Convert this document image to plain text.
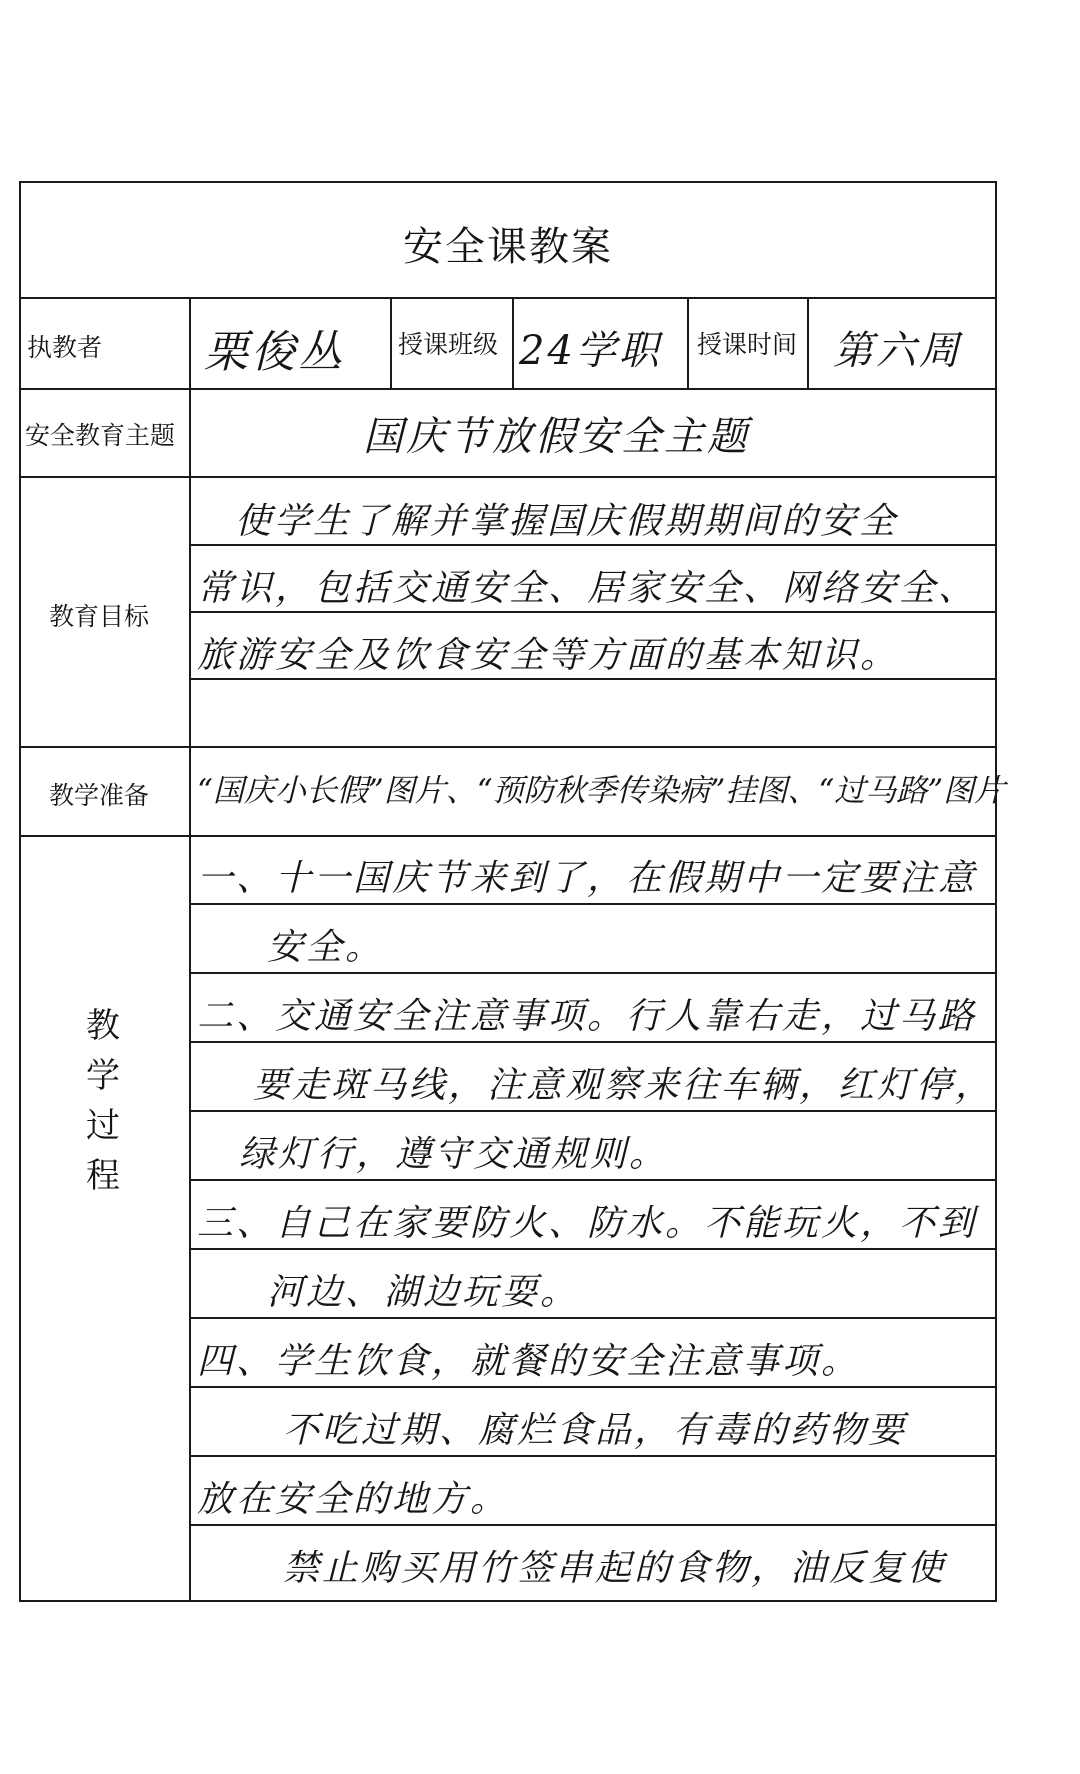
安全课教案
执教者 栗俊丛 授课班级 24学职 授课时间 第六周
安全教育主题	国庆节放假安全主题
教育目标
使学生了解并掌握国庆假期期间的安全
常识，包括交通安全、居家安全、网络安全、
旅游安全及饮食安全等方面的基本知识。
教学准备 “国庆小长假”图片、“预防秋季传染病”挂图、“过马路”图片
教学过程
一、十一国庆节来到了，在假期中一定要注意
安全。
二、交通安全注意事项。行人靠右走，过马路
要走斑马线，注意观察来往车辆，红灯停，
绿灯行，遵守交通规则。
三、自己在家要防火、防水。不能玩火，不到
河边、湖边玩耍。
四、学生饮食，就餐的安全注意事项。
不吃过期、腐烂食品，有毒的药物要
放在安全的地方。
禁止购买用竹签串起的食物，油反复使
